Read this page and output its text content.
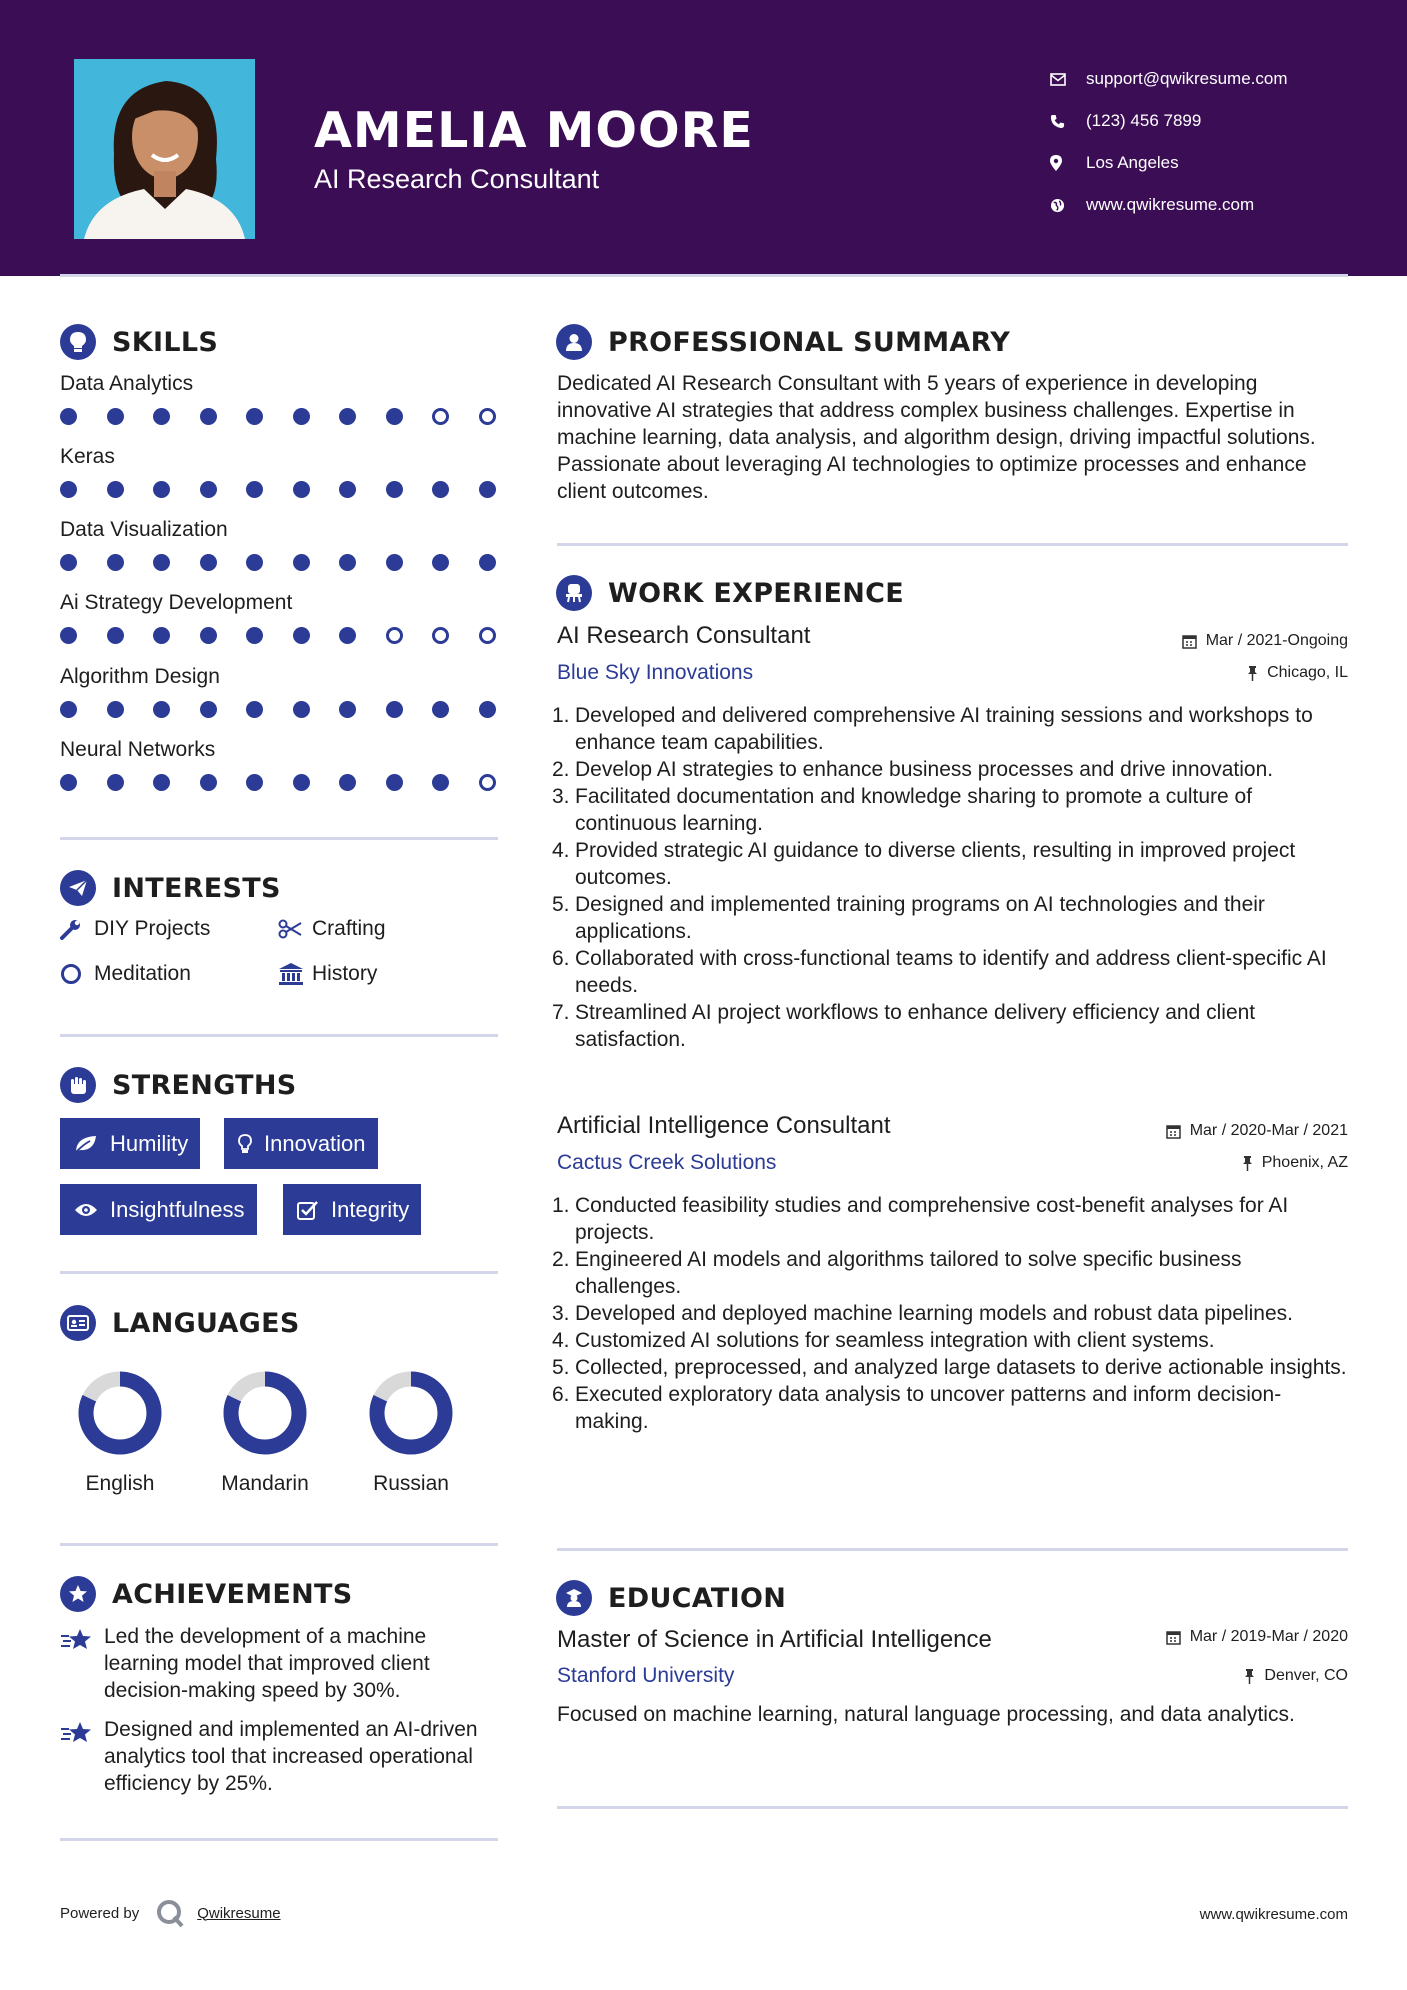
AMELIA MOORE
AI Research Consultant
support@qwikresume.com
(123) 456 7899
Los Angeles
www.qwikresume.com
SKILLS
Data Analytics
Keras
Data Visualization
Ai Strategy Development
Algorithm Design
Neural Networks
INTERESTS
DIY Projects	Crafting
Meditation	History
STRENGTHS
Humility	Innovation
Insightfulness	Integrity
LANGUAGES
English	Mandarin	Russian
ACHIEVEMENTS
Led the development of a machine learning model that improved client decision-making speed by 30%.
Designed and implemented an AI-driven analytics tool that increased operational efficiency by 25%.
PROFESSIONAL SUMMARY
Dedicated AI Research Consultant with 5 years of experience in developing innovative AI strategies that address complex business challenges. Expertise in machine learning, data analysis, and algorithm design, driving impactful solutions. Passionate about leveraging AI technologies to optimize processes and enhance client outcomes.
WORK EXPERIENCE
AI Research Consultant	Mar / 2021-Ongoing
Blue Sky Innovations	Chicago, IL
1. Developed and delivered comprehensive AI training sessions and workshops to enhance team capabilities.
2. Develop AI strategies to enhance business processes and drive innovation.
3. Facilitated documentation and knowledge sharing to promote a culture of continuous learning.
4. Provided strategic AI guidance to diverse clients, resulting in improved project outcomes.
5. Designed and implemented training programs on AI technologies and their applications.
6. Collaborated with cross-functional teams to identify and address client-specific AI needs.
7. Streamlined AI project workflows to enhance delivery efficiency and client satisfaction.
Artificial Intelligence Consultant	Mar / 2020-Mar / 2021
Cactus Creek Solutions	Phoenix, AZ
1. Conducted feasibility studies and comprehensive cost-benefit analyses for AI projects.
2. Engineered AI models and algorithms tailored to solve specific business challenges.
3. Developed and deployed machine learning models and robust data pipelines.
4. Customized AI solutions for seamless integration with client systems.
5. Collected, preprocessed, and analyzed large datasets to derive actionable insights.
6. Executed exploratory data analysis to uncover patterns and inform decision-making.
EDUCATION
Master of Science in Artificial Intelligence	Mar / 2019-Mar / 2020
Stanford University	Denver, CO
Focused on machine learning, natural language processing, and data analytics.
Powered by	Qwikresume	www.qwikresume.com
